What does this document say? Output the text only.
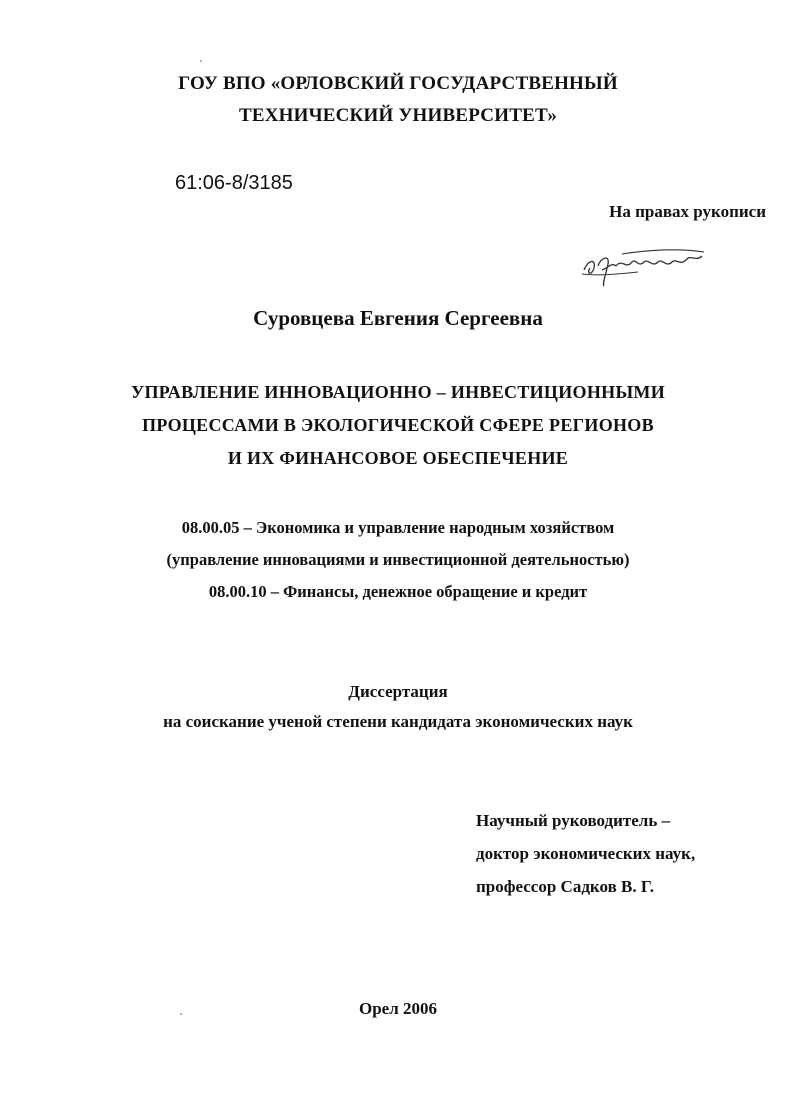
ГОУ ВПО «ОРЛОВСКИЙ ГОСУДАРСТВЕННЫЙ
ТЕХНИЧЕСКИЙ УНИВЕРСИТЕТ»
61:06-8/3185
На правах рукописи
Суровцева Евгения Сергеевна
УПРАВЛЕНИЕ ИННОВАЦИОННО – ИНВЕСТИЦИОННЫМИ
ПРОЦЕССАМИ В ЭКОЛОГИЧЕСКОЙ СФЕРЕ РЕГИОНОВ
И ИХ ФИНАНСОВОЕ ОБЕСПЕЧЕНИЕ
08.00.05 – Экономика и управление народным хозяйством
(управление инновациями и инвестиционной деятельностью)
08.00.10 – Финансы, денежное обращение и кредит
Диссертация
на соискание ученой степени кандидата экономических наук
Научный руководитель –
доктор экономических наук,
профессор Садков В. Г.
Орел 2006
